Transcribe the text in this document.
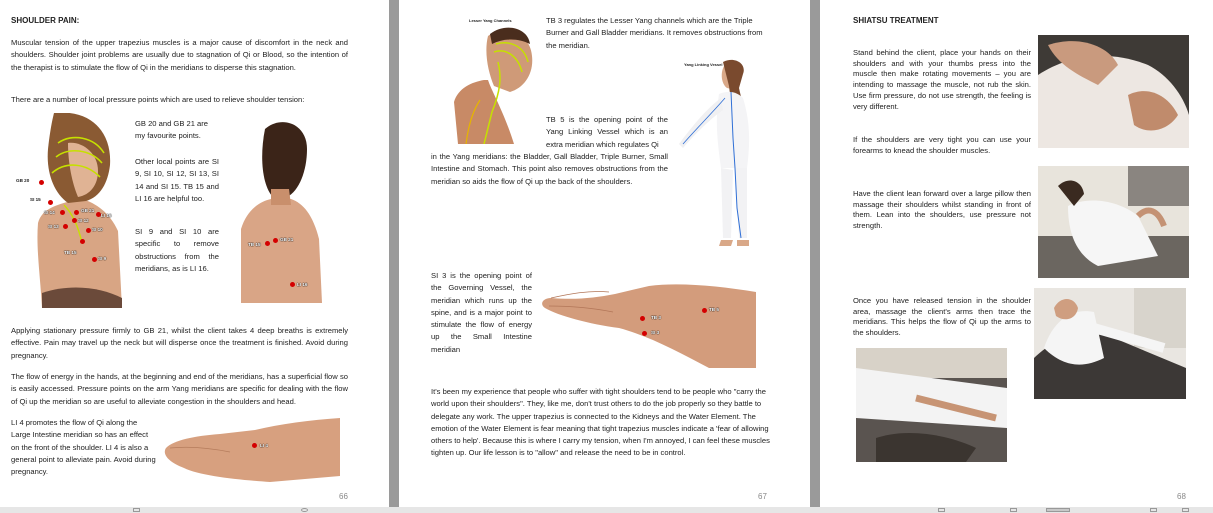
SHOULDER PAIN:
Muscular tension of the upper trapezius muscles is a major cause of discomfort in the neck and shoulders. Shoulder joint problems are usually due to stagnation of Qi or Blood, so the intention of the therapist is to stimulate the flow of Qi in the meridians to disperse this stagnation.
There are a number of local pressure points which are used to relieve shoulder tension:
GB 20
SI 15
SI 14	GB 21
SI 12
LI 16
SI 13
SI 10
TB 15
SI 9
GB 20 and GB 21 are my favourite points.
Other local points are SI 9, SI 10, SI 12, SI 13, SI 14 and SI 15. TB 15 and LI 16 are helpful too.
SI 9 and SI 10 are specific to remove obstructions from the meridians, as is LI 16.
TB 15
GB 21
LI 16
Applying stationary pressure firmly to GB 21, whilst the client takes 4 deep breaths is extremely effective. Pain may travel up the neck but will disperse once the treatment is finished. Avoid during pregnancy.
The flow of energy in the hands, at the beginning and end of the meridians, has a superficial flow so is easily accessed. Pressure points on the arm Yang meridians are specific for dealing with the flow of Qi up the meridian so are useful to alleviate congestion in the shoulders and head.
LI 4 promotes the flow of Qi along the Large Intestine meridian so has an effect on the front of the shoulder. LI 4 is also a general point to alleviate pain. Avoid during pregnancy.
LI 4
66
Lesser Yang Channels	TB 3 regulates the Lesser Yang channels which are the Triple Burner and Gall Bladder meridians. It removes obstructions from the meridian.
Yang Linking Vessel
TB 5 is the opening point of the Yang Linking Vessel which is an extra meridian which regulates Qi
in the Yang meridians: the Bladder, Gall Bladder, Triple Burner, Small Intestine and Stomach. This point also removes obstructions from the meridian so aids the flow of Qi up the back of the shoulders.
SI 3 is the opening point of the Governing Vessel, the meridian which runs up the spine, and is a major point to stimulate the flow of energy up the Small Intestine meridian
TB 5
TB 3
SI 3
It's been my experience that people who suffer with tight shoulders tend to be people who "carry the world upon their shoulders". They, like me, don't trust others to do the job properly so they battle to delegate any work. The upper trapezius is connected to the Kidneys and the Water Element. The emotion of the Water Element is fear meaning that tight trapezius muscles indicate a 'fear of allowing others to help'. Because this is where I carry my tension, when I'm annoyed, I can feel these muscles tighten up. Our life lesson is to "allow" and release the need to be in control.
67
SHIATSU TREATMENT
Stand behind the client, place your hands on their shoulders and with your thumbs press into the muscle then make rotating movements – you are intending to massage the muscle, not rub the skin. Use firm pressure, do not use strength, the feeling is very different.
If the shoulders are very tight you can use your forearms to knead the shoulder muscles.
Have the client lean forward over a large pillow then massage their shoulders whilst standing in front of them. Lean into the shoulders, use pressure not strength.
Once you have released tension in the shoulder area, massage the client's arms then trace the meridians. This helps the flow of Qi up the arms to the shoulders.
68
